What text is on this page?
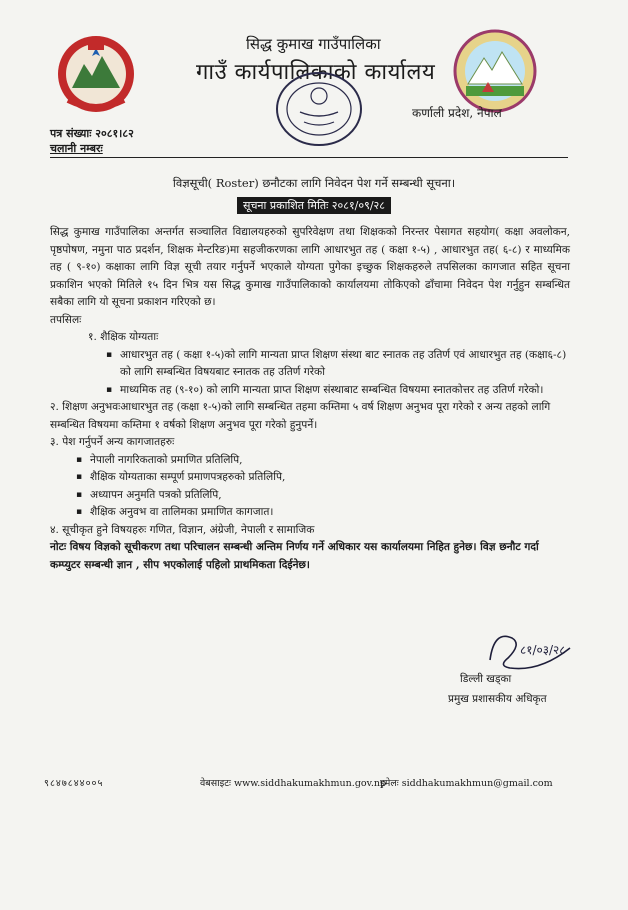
सिद्ध कुमाख गाउँपालिका
गाउँ कार्यपालिकाको कार्यालय
कर्णाली प्रदेश, नेपाल
पत्र संख्याः २०८१।८२
चलानी नम्बरः
विज्ञसूची( Roster) छनौटका लागि निवेदन पेश गर्ने सम्बन्धी सूचना।
सूचना प्रकाशित मितिः २०८१/०९/२८

सिद्ध कुमाख गाउँपालिका अन्तर्गत सञ्चालित विद्यालयहरुको सुपरिवेक्षण तथा शिक्षकको निरन्तर पेसागत सहयोग( कक्षा अवलोकन, पृष्ठपोषण, नमुना पाठ प्रदर्शन, शिक्षक मेन्टरिङ)मा सहजीकरणका लागि आधारभुत तह ( कक्षा १-५) , आधारभुत तह( ६-८) र माध्यमिक तह ( ९-१०) कक्षाका लागि विज्ञ सूची तयार गर्नुपर्ने भएकाले योग्यता पुगेका इच्छुक शिक्षकहरुले तपसिलका कागजात सहित सूचना प्रकाशिन भएको मितिले १५ दिन भित्र यस सिद्ध कुमाख गाउँपालिकाको कार्यालयमा तोकिएको ढाँचामा निवेदन पेश गर्नुहुन सम्बन्धित सबैका लागि यो सूचना प्रकाशन गरिएको छ।

तपसिलः

१. शैक्षिक योग्यताः

▪ आधारभुत तह ( कक्षा १-५)को लागि मान्यता प्राप्त शिक्षण संस्था बाट स्नातक तह उतिर्ण एवं आधारभुत तह (कक्षा६-८) को लागि सम्बन्धित विषयबाट स्नातक तह उतिर्ण गरेको

▪ माध्यमिक तह (९-१०) को लागि मान्यता प्राप्त शिक्षण संस्थाबाट सम्बन्धित विषयमा स्नातकोत्तर तह उतिर्ण गरेको।

२. शिक्षण अनुभवःआधारभुत तह (कक्षा १-५)को लागि सम्बन्धित तहमा कम्तिमा ५ वर्ष शिक्षण अनुभव पूरा गरेको र अन्य तहको लागि सम्बन्धित विषयमा कम्तिमा १ वर्षको शिक्षण अनुभव पूरा गरेको हुनुपर्ने।

३. पेश गर्नुपर्ने अन्य कागजातहरुः

▪ नेपाली नागरिकताको प्रमाणित प्रतिलिपि,

▪ शैक्षिक योग्यताका सम्पूर्ण प्रमाणपत्रहरुको प्रतिलिपि,

▪ अध्यापन अनुमति पत्रको प्रतिलिपि,

▪ शैक्षिक अनुवभ वा तालिमका प्रमाणित कागजात।

४. सूचीकृत हुने विषयहरुः गणित, विज्ञान, अंग्रेजी, नेपाली र सामाजिक

नोटः विषय विज्ञको सूचीकरण तथा परिचालन सम्बन्धी अन्तिम निर्णय गर्ने अधिकार यस कार्यालयमा निहित हुनेछ। विज्ञ छनौट गर्दा कम्प्युटर सम्बन्धी ज्ञान , सीप भएकोलाई पहिलो प्राथमिकता दिईनेछ।

८१/०३/२८
डिल्ली खड्का
प्रमुख प्रशासकीय अधिकृत
९८४७८४४००५	वेबसाइटः www.siddhakumakhmun.gov.np
इमेलः siddhakumakhmun@gmail.com
